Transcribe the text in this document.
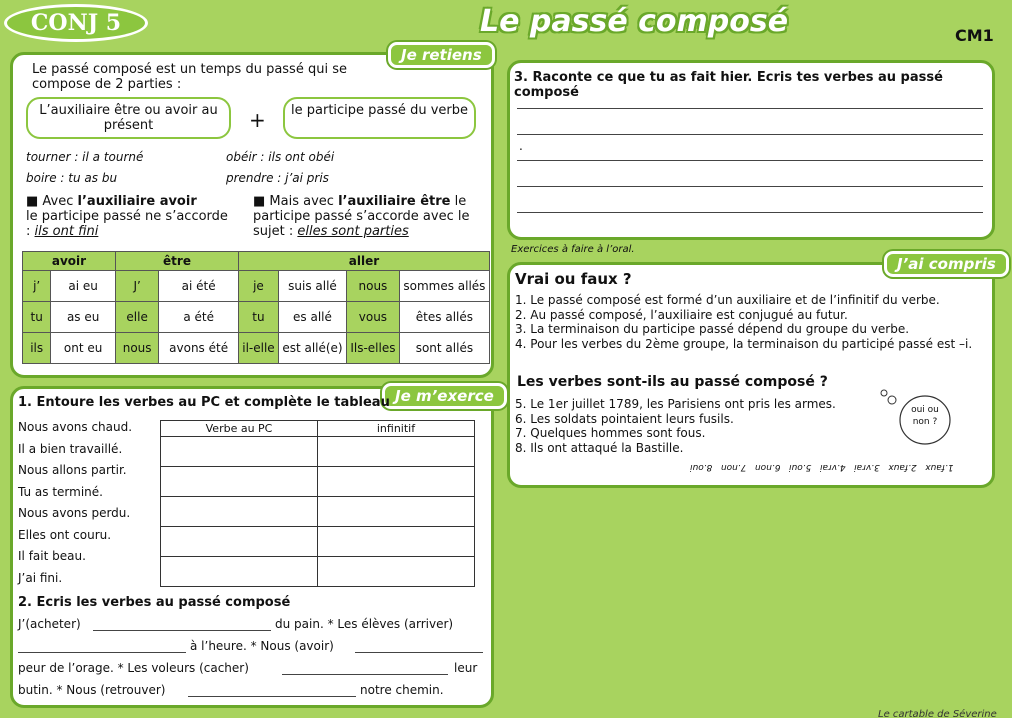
CONJ 5	Le passé composé	CM1
Je retiens
Le passé composé est un temps du passé qui se compose de 2 parties :
L’auxiliaire être ou avoir au présent	+	le participe passé du verbe
tourner : il a tourné	obéir : ils ont obéi
boire : tu as bu	prendre : j’ai pris
■ Avec l’auxiliaire avoir
le participe passé ne s’accorde : ils ont fini
■ Mais avec l’auxiliaire être le participe passé s’accorde avec le sujet : elles sont parties
avoir		être		aller			
j’	ai eu	J’	ai été	je	suis allé	nous	sommes allés
tu	as eu	elle	a été	tu	es allé	vous	êtes allés
ils	ont eu	nous	avons été	il-elle	est allé(e)	Ils-elles	sont allés
Je m’exerce
1. Entoure les verbes au PC et complète le tableau
Nous avons chaud.
Il a bien travaillé.
Nous allons partir.
Tu as terminé.
Nous avons perdu.
Elles ont couru.
Il fait beau.
J’ai fini.
Verbe au PC	infinitif

2. Ecris les verbes au passé composé
J’(acheter)	du pain. * Les élèves (arriver)
à l’heure. * Nous (avoir)
peur de l’orage. * Les voleurs (cacher)	leur
butin. * Nous (retrouver)	notre chemin.
3. Raconte ce que tu as fait hier. Ecris tes verbes au passé composé
.
Exercices à faire à l’oral.
J’ai compris
Vrai ou faux ?
1. Le passé composé est formé d’un auxiliaire et de l’infinitif du verbe.
2. Au passé composé, l’auxiliaire est conjugué au futur.
3. La terminaison du participe passé dépend du groupe du verbe.
4. Pour les verbes du 2ème groupe, la terminaison du participé passé est –i.
Les verbes sont-ils au passé composé ?
5. Le 1er juillet 1789, les Parisiens ont pris les armes.
6. Les soldats pointaient leurs fusils.
7. Quelques hommes sont fous.
8. Ils ont attaqué la Bastille.
oui ou non ?
1.faux   2.faux   3.vrai   4.vrai   5.oui   6.non   7.non   8.oui
Le cartable de Séverine
